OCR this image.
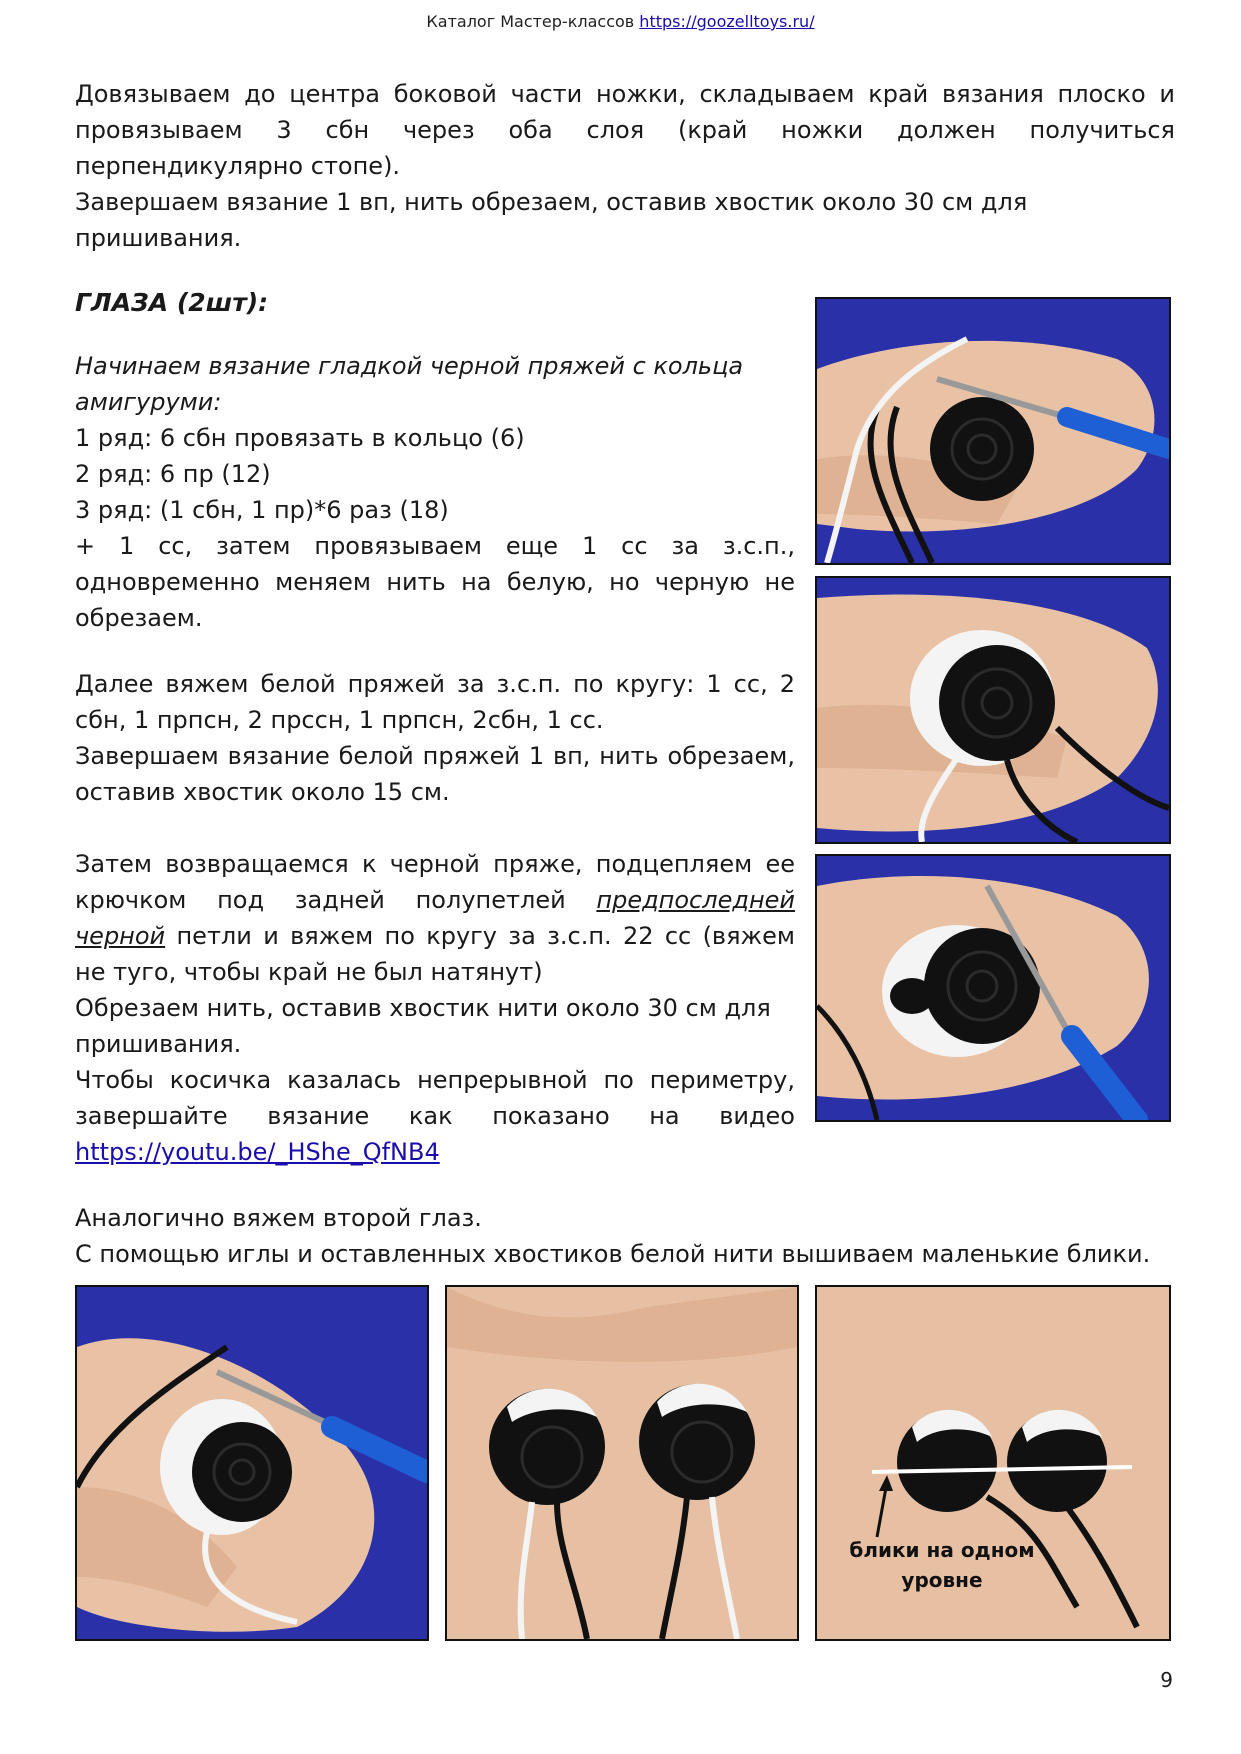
Каталог Мастер-классов https://goozelltoys.ru/
Довязываем до центра боковой части ножки, складываем край вязания плоско и провязываем 3 сбн через оба слоя (край ножки должен получиться перпендикулярно стопе).
Завершаем вязание 1 вп, нить обрезаем, оставив хвостик около 30 см для пришивания.
ГЛАЗА (2шт):
Начинаем вязание гладкой черной пряжей с кольца амигуруми:
1 ряд: 6 сбн провязать в кольцо (6)
2 ряд: 6 пр (12)
3 ряд: (1 сбн, 1 пр)*6 раз (18)
+ 1 сс, затем провязываем еще 1 сс за з.с.п., одновременно меняем нить на белую, но черную не обрезаем.
Далее вяжем белой пряжей за з.с.п. по кругу: 1 сс, 2 сбн, 1 прпсн, 2 прссн, 1 прпсн, 2сбн, 1 сс.
Завершаем вязание белой пряжей 1 вп, нить обрезаем, оставив хвостик около 15 см.
Затем возвращаемся к черной пряже, подцепляем ее крючком под задней полупетлей предпоследней черной петли и вяжем по кругу за з.с.п. 22 сс (вяжем не туго, чтобы край не был натянут)
Обрезаем нить, оставив хвостик нити около 30 см для пришивания.
Чтобы косичка казалась непрерывной по периметру, завершайте вязание как показано на видео
https://youtu.be/_HShe_QfNB4
Аналогично вяжем второй глаз.
С помощью иглы и оставленных хвостиков белой нити вышиваем маленькие блики.
блики на одном
уровне
9
